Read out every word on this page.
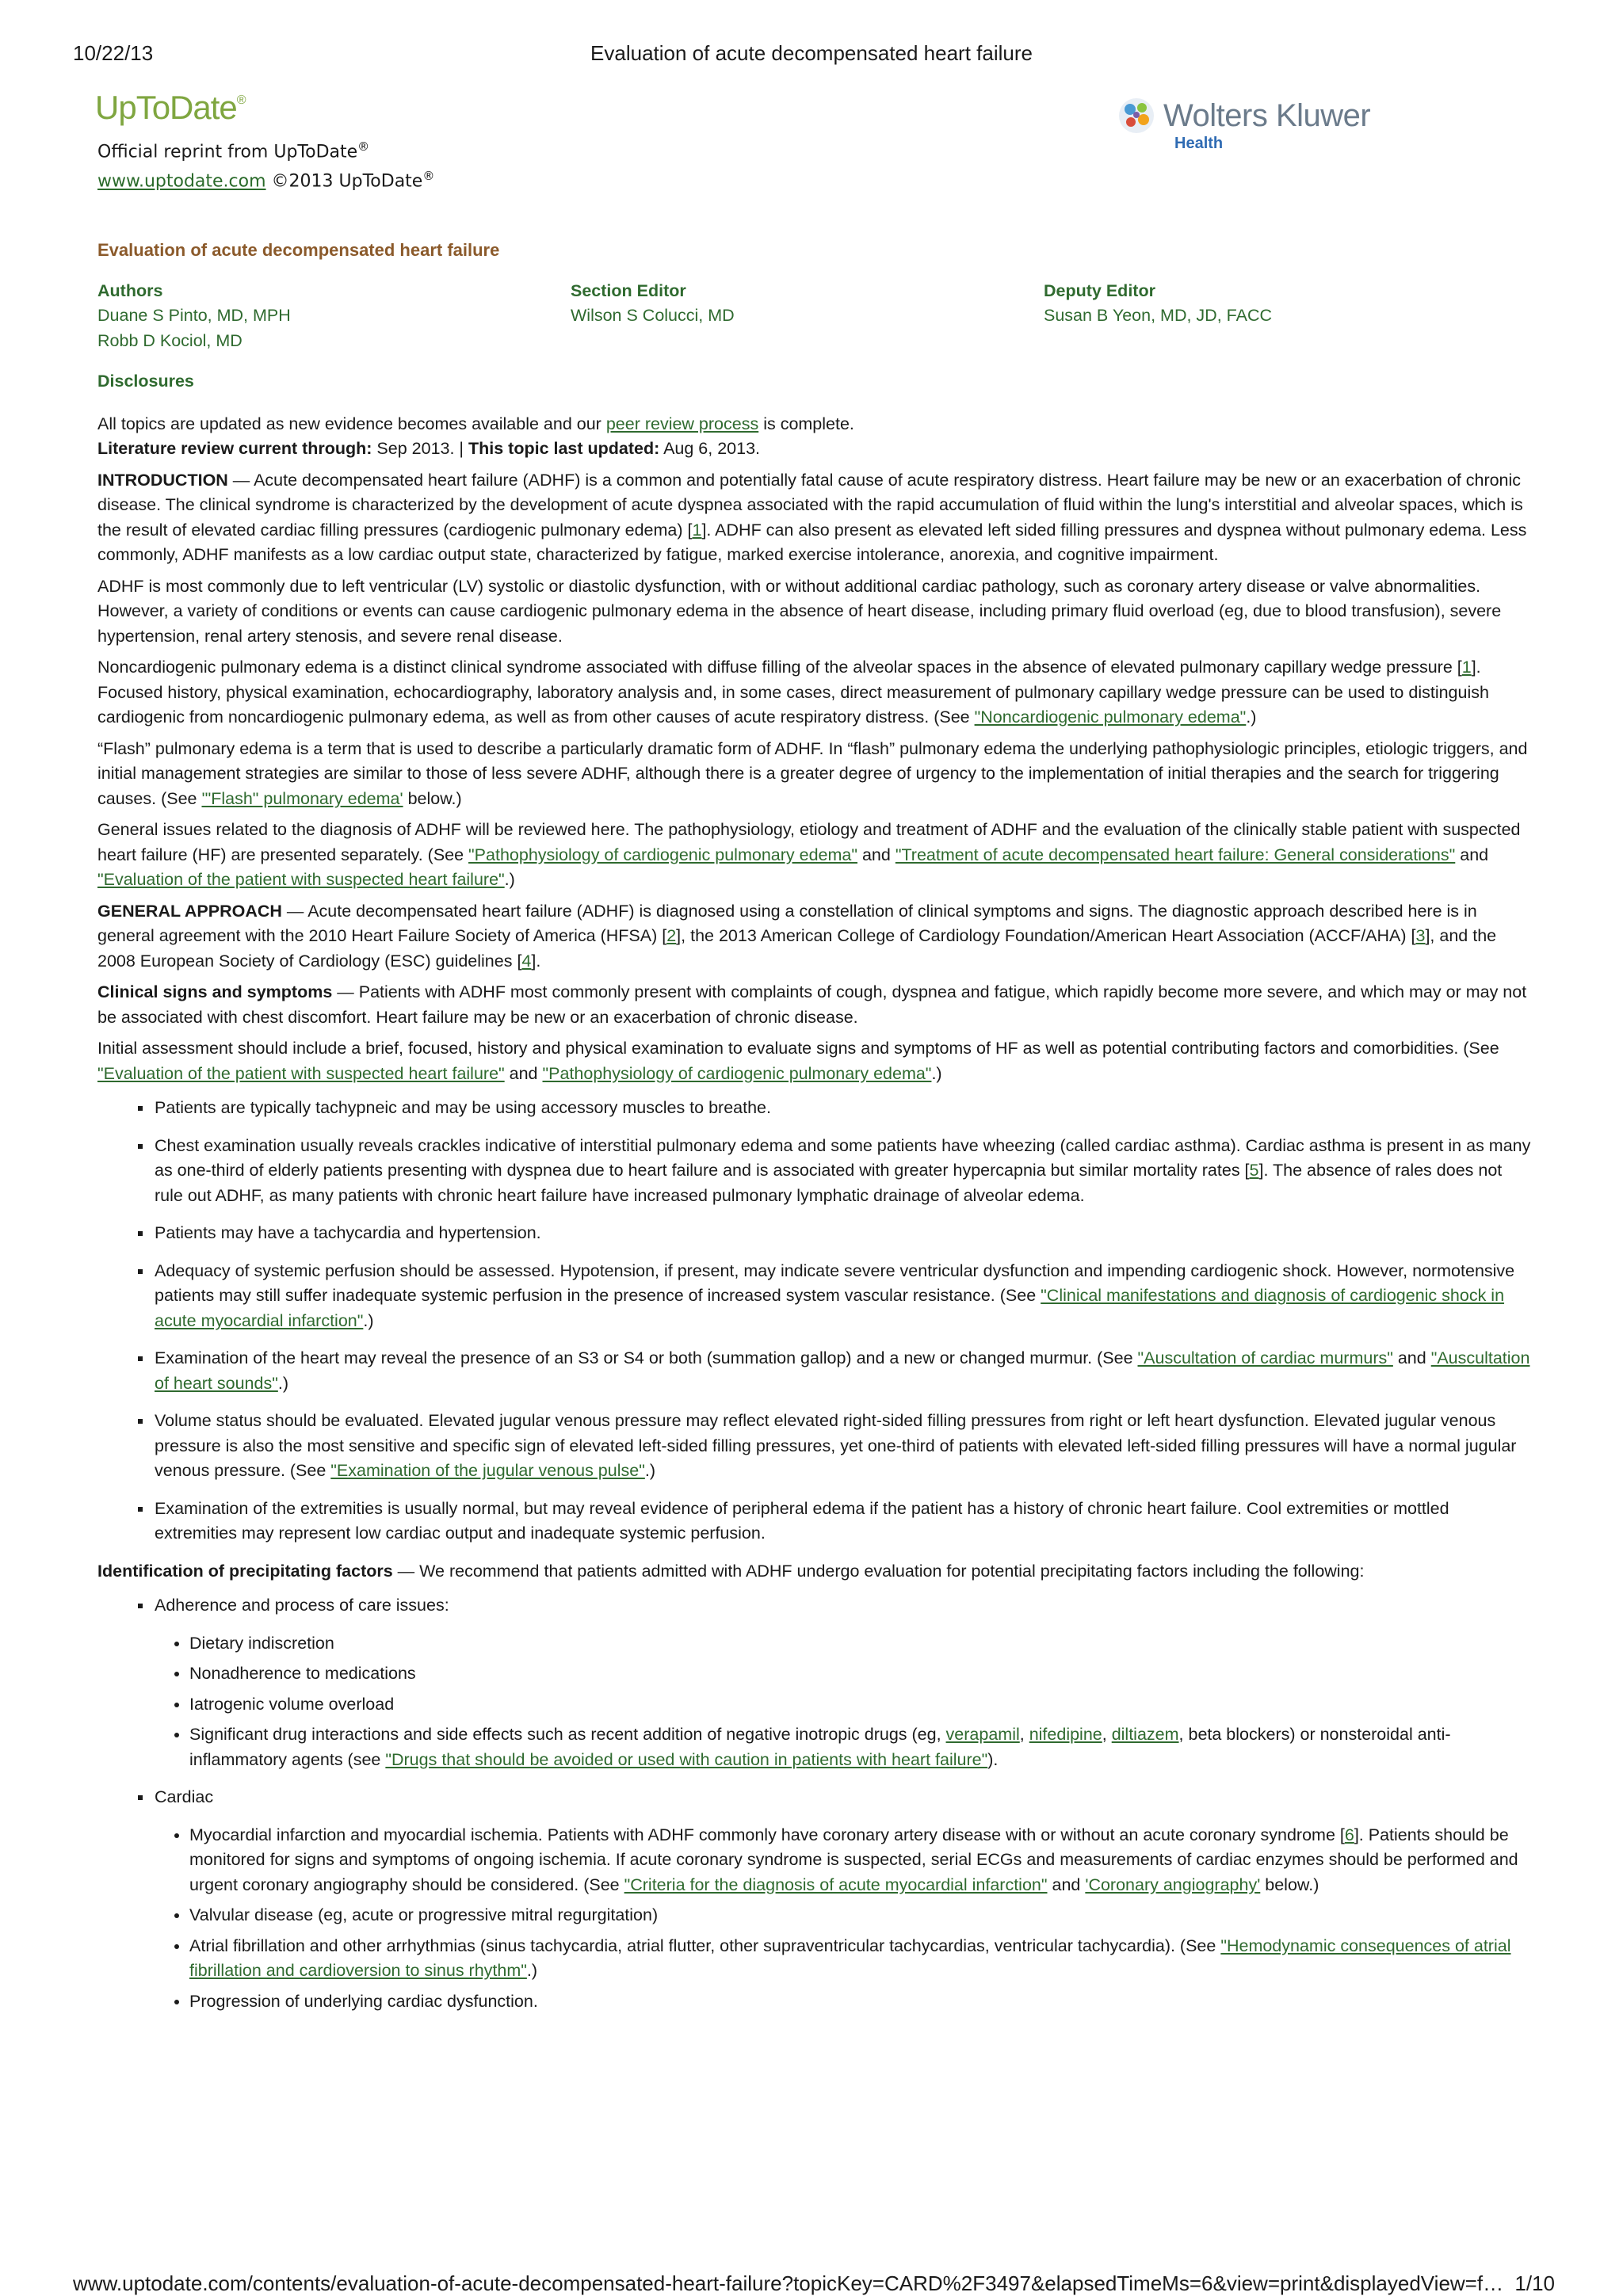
10/22/13	Evaluation of acute decompensated heart failure
UpToDate®
Official reprint from UpToDate®
www.uptodate.com ©2013 UpToDate®
Wolters Kluwer
Health
Evaluation of acute decompensated heart failure
Authors
Duane S Pinto, MD, MPH
Robb D Kociol, MD
Section Editor
Wilson S Colucci, MD
Deputy Editor
Susan B Yeon, MD, JD, FACC
Disclosures

All topics are updated as new evidence becomes available and our peer review process is complete.
Literature review current through: Sep 2013. | This topic last updated: Aug 6, 2013.

INTRODUCTION — Acute decompensated heart failure (ADHF) is a common and potentially fatal cause of acute respiratory distress. Heart failure may be new or an exacerbation of chronic disease. The clinical syndrome is characterized by the development of acute dyspnea associated with the rapid accumulation of fluid within the lung's interstitial and alveolar spaces, which is the result of elevated cardiac filling pressures (cardiogenic pulmonary edema) [1]. ADHF can also present as elevated left sided filling pressures and dyspnea without pulmonary edema. Less commonly, ADHF manifests as a low cardiac output state, characterized by fatigue, marked exercise intolerance, anorexia, and cognitive impairment.

ADHF is most commonly due to left ventricular (LV) systolic or diastolic dysfunction, with or without additional cardiac pathology, such as coronary artery disease or valve abnormalities. However, a variety of conditions or events can cause cardiogenic pulmonary edema in the absence of heart disease, including primary fluid overload (eg, due to blood transfusion), severe hypertension, renal artery stenosis, and severe renal disease.

Noncardiogenic pulmonary edema is a distinct clinical syndrome associated with diffuse filling of the alveolar spaces in the absence of elevated pulmonary capillary wedge pressure [1]. Focused history, physical examination, echocardiography, laboratory analysis and, in some cases, direct measurement of pulmonary capillary wedge pressure can be used to distinguish cardiogenic from noncardiogenic pulmonary edema, as well as from other causes of acute respiratory distress. (See "Noncardiogenic pulmonary edema".)

“Flash” pulmonary edema is a term that is used to describe a particularly dramatic form of ADHF. In “flash” pulmonary edema the underlying pathophysiologic principles, etiologic triggers, and initial management strategies are similar to those of less severe ADHF, although there is a greater degree of urgency to the implementation of initial therapies and the search for triggering causes. (See '"Flash" pulmonary edema' below.)

General issues related to the diagnosis of ADHF will be reviewed here. The pathophysiology, etiology and treatment of ADHF and the evaluation of the clinically stable patient with suspected heart failure (HF) are presented separately. (See "Pathophysiology of cardiogenic pulmonary edema" and "Treatment of acute decompensated heart failure: General considerations" and "Evaluation of the patient with suspected heart failure".)

GENERAL APPROACH — Acute decompensated heart failure (ADHF) is diagnosed using a constellation of clinical symptoms and signs. The diagnostic approach described here is in general agreement with the 2010 Heart Failure Society of America (HFSA) [2], the 2013 American College of Cardiology Foundation/American Heart Association (ACCF/AHA) [3], and the 2008 European Society of Cardiology (ESC) guidelines [4].

Clinical signs and symptoms — Patients with ADHF most commonly present with complaints of cough, dyspnea and fatigue, which rapidly become more severe, and which may or may not be associated with chest discomfort. Heart failure may be new or an exacerbation of chronic disease.

Initial assessment should include a brief, focused, history and physical examination to evaluate signs and symptoms of HF as well as potential contributing factors and comorbidities. (See "Evaluation of the patient with suspected heart failure" and "Pathophysiology of cardiogenic pulmonary edema".)

▪ Patients are typically tachypneic and may be using accessory muscles to breathe.
▪ Chest examination usually reveals crackles indicative of interstitial pulmonary edema and some patients have wheezing (called cardiac asthma). Cardiac asthma is present in as many as one-third of elderly patients presenting with dyspnea due to heart failure and is associated with greater hypercapnia but similar mortality rates [5]. The absence of rales does not rule out ADHF, as many patients with chronic heart failure have increased pulmonary lymphatic drainage of alveolar edema.
▪ Patients may have a tachycardia and hypertension.
▪ Adequacy of systemic perfusion should be assessed. Hypotension, if present, may indicate severe ventricular dysfunction and impending cardiogenic shock. However, normotensive patients may still suffer inadequate systemic perfusion in the presence of increased system vascular resistance. (See "Clinical manifestations and diagnosis of cardiogenic shock in acute myocardial infarction".)
▪ Examination of the heart may reveal the presence of an S3 or S4 or both (summation gallop) and a new or changed murmur. (See "Auscultation of cardiac murmurs" and "Auscultation of heart sounds".)
▪ Volume status should be evaluated. Elevated jugular venous pressure may reflect elevated right-sided filling pressures from right or left heart dysfunction. Elevated jugular venous pressure is also the most sensitive and specific sign of elevated left-sided filling pressures, yet one-third of patients with elevated left-sided filling pressures will have a normal jugular venous pressure. (See "Examination of the jugular venous pulse".)
▪ Examination of the extremities is usually normal, but may reveal evidence of peripheral edema if the patient has a history of chronic heart failure. Cool extremities or mottled extremities may represent low cardiac output and inadequate systemic perfusion.

Identification of precipitating factors — We recommend that patients admitted with ADHF undergo evaluation for potential precipitating factors including the following:

▪ Adherence and process of care issues:
• Dietary indiscretion
• Nonadherence to medications
• Iatrogenic volume overload
• Significant drug interactions and side effects such as recent addition of negative inotropic drugs (eg, verapamil, nifedipine, diltiazem, beta blockers) or nonsteroidal anti-inflammatory agents (see "Drugs that should be avoided or used with caution in patients with heart failure").
▪ Cardiac
• Myocardial infarction and myocardial ischemia. Patients with ADHF commonly have coronary artery disease with or without an acute coronary syndrome [6]. Patients should be monitored for signs and symptoms of ongoing ischemia. If acute coronary syndrome is suspected, serial ECGs and measurements of cardiac enzymes should be performed and urgent coronary angiography should be considered. (See "Criteria for the diagnosis of acute myocardial infarction" and 'Coronary angiography' below.)
• Valvular disease (eg, acute or progressive mitral regurgitation)
• Atrial fibrillation and other arrhythmias (sinus tachycardia, atrial flutter, other supraventricular tachycardias, ventricular tachycardia). (See "Hemodynamic consequences of atrial fibrillation and cardioversion to sinus rhythm".)
• Progression of underlying cardiac dysfunction.
www.uptodate.com/contents/evaluation-of-acute-decompensated-heart-failure?topicKey=CARD%2F3497&elapsedTimeMs=6&view=print&displayedView=f… 1/10
